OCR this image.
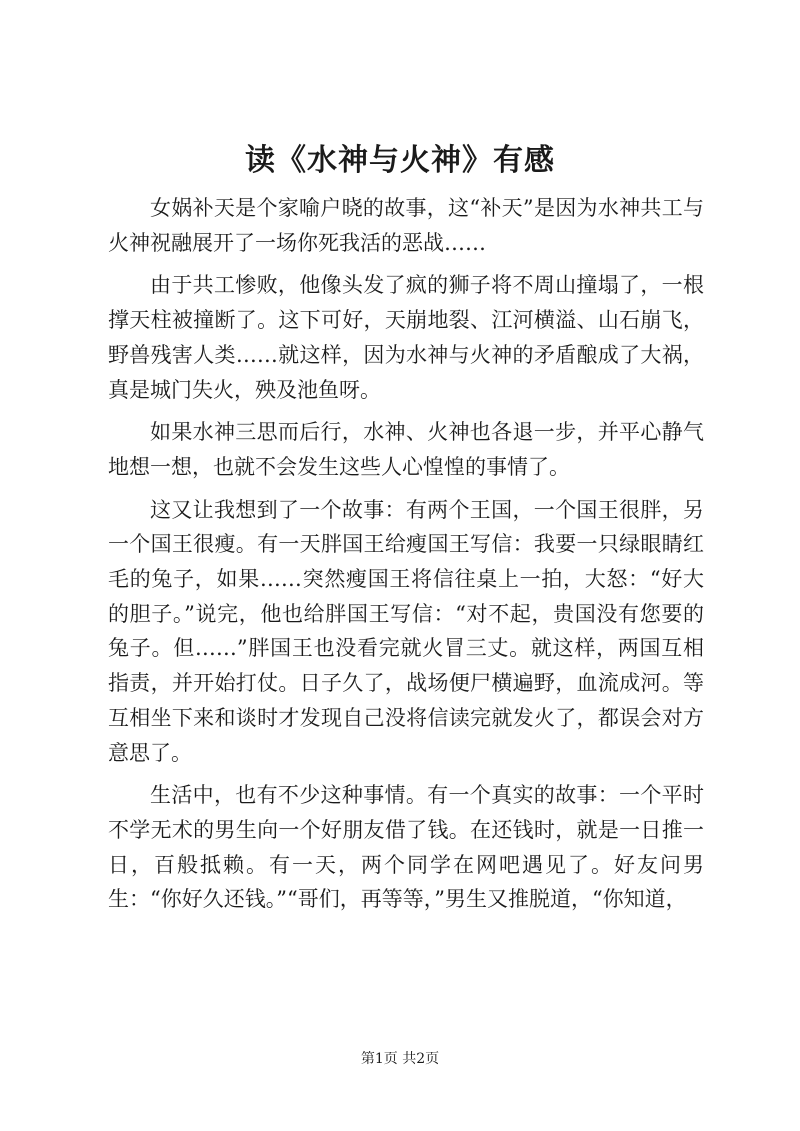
读《水神与火神》有感

女娲补天是个家喻户晓的故事，这“补天”是因为水神共工与火神祝融展开了一场你死我活的恶战……

由于共工惨败，他像头发了疯的狮子将不周山撞塌了，一根撑天柱被撞断了。这下可好，天崩地裂、江河横溢、山石崩飞，野兽残害人类……就这样，因为水神与火神的矛盾酿成了大祸，真是城门失火，殃及池鱼呀。

如果水神三思而后行，水神、火神也各退一步，并平心静气地想一想，也就不会发生这些人心惶惶的事情了。

这又让我想到了一个故事：有两个王国，一个国王很胖，另一个国王很瘦。有一天胖国王给瘦国王写信：我要一只绿眼睛红毛的兔子，如果……突然瘦国王将信往桌上一拍，大怒：“好大的胆子。”说完，他也给胖国王写信：“对不起，贵国没有您要的兔子。但……”胖国王也没看完就火冒三丈。就这样，两国互相指责，并开始打仗。日子久了，战场便尸横遍野，血流成河。等互相坐下来和谈时才发现自己没将信读完就发火了，都误会对方意思了。

生活中，也有不少这种事情。有一个真实的故事：一个平时不学无术的男生向一个好朋友借了钱。在还钱时，就是一日推一日，百般抵赖。有一天，两个同学在网吧遇见了。好友问男生：“你好久还钱。”“哥们，再等等，”男生又推脱道，“你知道，

第1页 共2页
